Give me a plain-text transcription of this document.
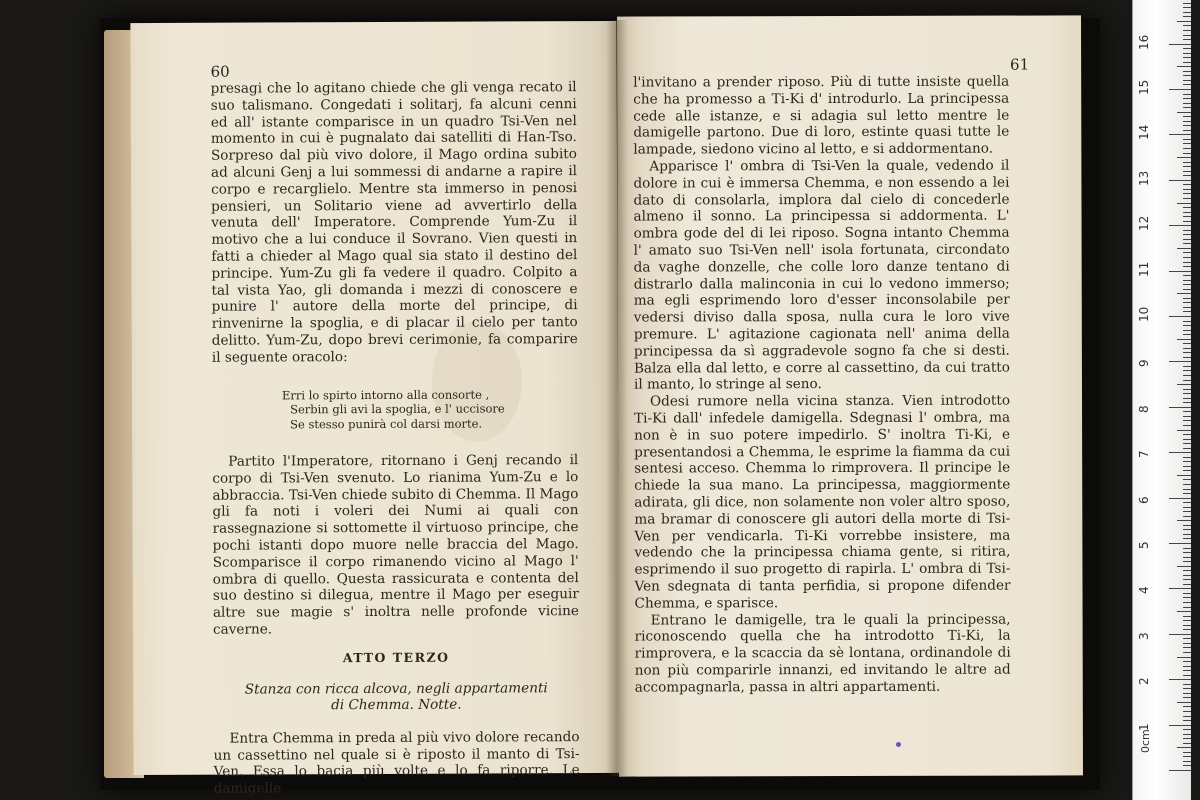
60

presagi che lo agitano chiede che gli venga recato il suo talismano. Congedati i solitarj, fa alcuni cenni ed all' istante comparisce in un quadro Tsi-Ven nel momento in cui è pugnalato dai satelliti di Han-Tso. Sorpreso dal più vivo dolore, il Mago ordina subito ad alcuni Genj a lui sommessi di andarne a rapire il corpo e recarglielo. Mentre sta immerso in penosi pensieri, un Solitario viene ad avvertirlo della venuta dell' Imperatore. Comprende Yum-Zu il motivo che a lui conduce il Sovrano. Vien questi in fatti a chieder al Mago qual sia stato il destino del principe. Yum-Zu gli fa vedere il quadro. Colpito a tal vista Yao, gli domanda i mezzi di conoscere e punire l' autore della morte del principe, di rinvenirne la spoglia, e di placar il cielo per tanto delitto. Yum-Zu, dopo brevi cerimonie, fa comparire il seguente oracolo:

Erri lo spirto intorno alla consorte ,
Serbin gli avi la spoglia, e l' uccisore
Se stesso punirà col darsi morte.

Partito l'Imperatore, ritornano i Genj recando il corpo di Tsi-Ven svenuto. Lo rianima Yum-Zu e lo abbraccia. Tsi-Ven chiede subito di Chemma. Il Mago gli fa noti i voleri dei Numi ai quali con rassegnazione si sottomette il virtuoso principe, che pochi istanti dopo muore nelle braccia del Mago. Scomparisce il corpo rimanendo vicino al Mago l' ombra di quello. Questa rassicurata e contenta del suo destino si dilegua, mentre il Mago per eseguir altre sue magie s' inoltra nelle profonde vicine caverne.

ATTO TERZO
Stanza con ricca alcova, negli appartamenti
di Chemma. Notte.

Entra Chemma in preda al più vivo dolore recando un cassettino nel quale si è riposto il manto di Tsi-Ven. Essa lo bacia più volte e lo fa riporre. Le damigelle

61

l'invitano a prender riposo. Più di tutte insiste quella che ha promesso a Ti-Ki d' introdurlo. La principessa cede alle istanze, e si adagia sul letto mentre le damigelle partono. Due di loro, estinte quasi tutte le lampade, siedono vicino al letto, e si addormentano.

Apparisce l' ombra di Tsi-Ven la quale, vedendo il dolore in cui è immersa Chemma, e non essendo a lei dato di consolarla, implora dal cielo di concederle almeno il sonno. La principessa si addormenta. L' ombra gode del di lei riposo. Sogna intanto Chemma l' amato suo Tsi-Ven nell' isola fortunata, circondato da vaghe donzelle, che colle loro danze tentano di distrarlo dalla malinconia in cui lo vedono immerso; ma egli esprimendo loro d'esser inconsolabile per vedersi diviso dalla sposa, nulla cura le loro vive premure. L' agitazione cagionata nell' anima della principessa da sì aggradevole sogno fa che si desti. Balza ella dal letto, e corre al cassettino, da cui tratto il manto, lo stringe al seno.

Odesi rumore nella vicina stanza. Vien introdotto Ti-Ki dall' infedele damigella. Sdegnasi l' ombra, ma non è in suo potere impedirlo. S' inoltra Ti-Ki, e presentandosi a Chemma, le esprime la fiamma da cui sentesi acceso. Chemma lo rimprovera. Il principe le chiede la sua mano. La principessa, maggiormente adirata, gli dice, non solamente non voler altro sposo, ma bramar di conoscere gli autori della morte di Tsi-Ven per vendicarla. Ti-Ki vorrebbe insistere, ma vedendo che la principessa chiama gente, si ritira, esprimendo il suo progetto di rapirla. L' ombra di Tsi-Ven sdegnata di tanta perfidia, si propone difender Chemma, e sparisce.

Entrano le damigelle, tra le quali la principessa, riconoscendo quella che ha introdotto Ti-Ki, la rimprovera, e la scaccia da sè lontana, ordinandole di non più comparirle innanzi, ed invitando le altre ad accompagnarla, passa in altri appartamenti.

0cm
1
2
3
4
5
6
7
8
9
10
11
12
13
14
15
16
